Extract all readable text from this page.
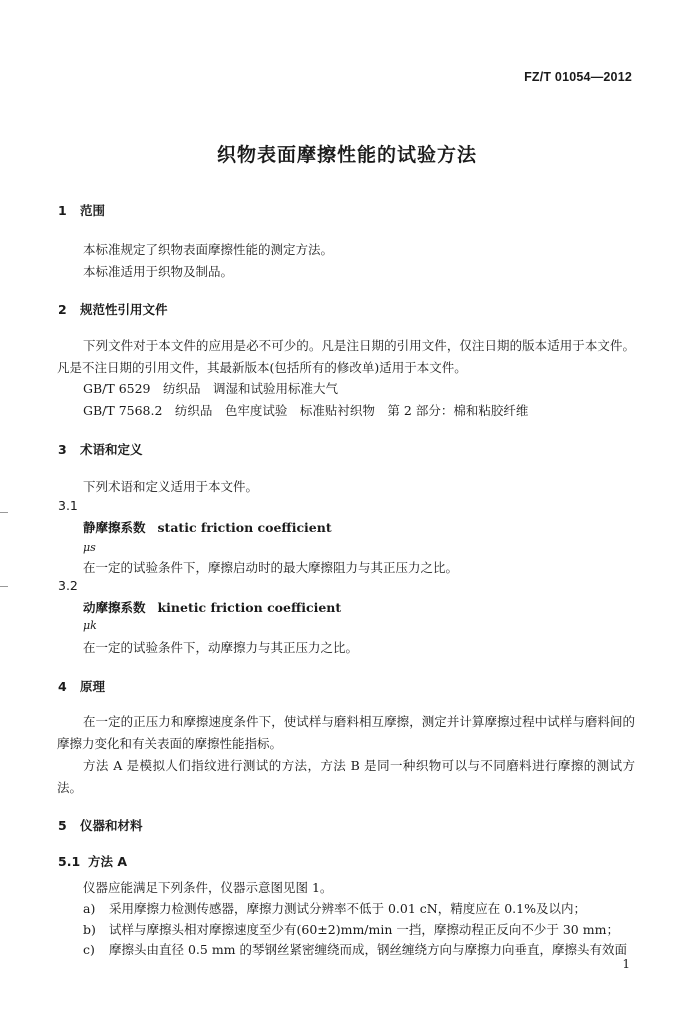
FZ/T 01054—2012
织物表面摩擦性能的试验方法
1 范围
本标准规定了织物表面摩擦性能的测定方法。
本标准适用于织物及制品。
2 规范性引用文件
下列文件对于本文件的应用是必不可少的。凡是注日期的引用文件，仅注日期的版本适用于本文件。凡是不注日期的引用文件，其最新版本(包括所有的修改单)适用于本文件。
GB/T 6529　纺织品　调湿和试验用标准大气
GB/T 7568.2　纺织品　色牢度试验　标准贴衬织物　第 2 部分：棉和粘胶纤维
3 术语和定义
下列术语和定义适用于本文件。
3.1
静摩擦系数 static friction coefficient
μs
在一定的试验条件下，摩擦启动时的最大摩擦阻力与其正压力之比。
3.2
动摩擦系数 kinetic friction coefficient
μk
在一定的试验条件下，动摩擦力与其正压力之比。
4 原理
在一定的正压力和摩擦速度条件下，使试样与磨料相互摩擦，测定并计算摩擦过程中试样与磨料间的摩擦力变化和有关表面的摩擦性能指标。
方法 A 是模拟人们指纹进行测试的方法，方法 B 是同一种织物可以与不同磨料进行摩擦的测试方法。
5 仪器和材料
5.1 方法 A
仪器应能满足下列条件，仪器示意图见图 1。
a) 采用摩擦力检测传感器，摩擦力测试分辨率不低于 0.01 cN，精度应在 0.1%及以内；
b) 试样与摩擦头相对摩擦速度至少有(60±2)mm/min 一挡，摩擦动程正反向不少于 30 mm；
c) 摩擦头由直径 0.5 mm 的琴钢丝紧密缠绕而成，钢丝缠绕方向与摩擦力向垂直，摩擦头有效面
1
